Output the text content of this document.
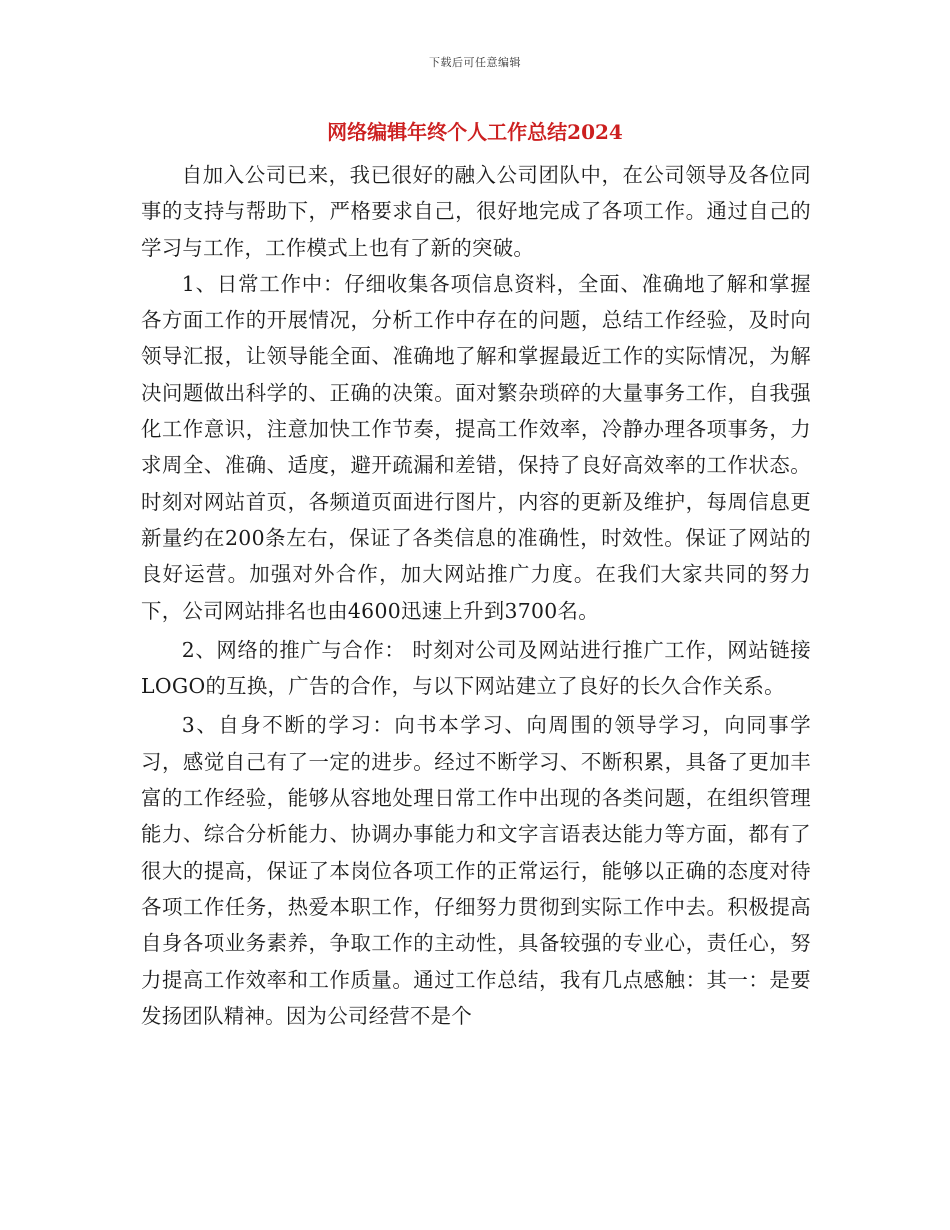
下载后可任意编辑
网络编辑年终个人工作总结2024

自加入公司已来，我已很好的融入公司团队中，在公司领导及各位同事的支持与帮助下，严格要求自己，很好地完成了各项工作。通过自己的学习与工作，工作模式上也有了新的突破。

1、日常工作中：仔细收集各项信息资料，全面、准确地了解和掌握各方面工作的开展情况，分析工作中存在的问题，总结工作经验，及时向领导汇报，让领导能全面、准确地了解和掌握最近工作的实际情况，为解决问题做出科学的、正确的决策。面对繁杂琐碎的大量事务工作，自我强化工作意识，注意加快工作节奏，提高工作效率，冷静办理各项事务，力求周全、准确、适度，避开疏漏和差错，保持了良好高效率的工作状态。时刻对网站首页，各频道页面进行图片，内容的更新及维护，每周信息更新量约在200条左右，保证了各类信息的准确性，时效性。保证了网站的良好运营。加强对外合作，加大网站推广力度。在我们大家共同的努力下，公司网站排名也由4600迅速上升到3700名。

2、网络的推广与合作： 时刻对公司及网站进行推广工作，网站链接LOGO的互换，广告的合作，与以下网站建立了良好的长久合作关系。

3、自身不断的学习：向书本学习、向周围的领导学习，向同事学习，感觉自己有了一定的进步。经过不断学习、不断积累，具备了更加丰富的工作经验，能够从容地处理日常工作中出现的各类问题，在组织管理能力、综合分析能力、协调办事能力和文字言语表达能力等方面，都有了很大的提高，保证了本岗位各项工作的正常运行，能够以正确的态度对待各项工作任务，热爱本职工作，仔细努力贯彻到实际工作中去。积极提高自身各项业务素养，争取工作的主动性，具备较强的专业心，责任心，努力提高工作效率和工作质量。通过工作总结，我有几点感触：其一：是要发扬团队精神。因为公司经营不是个
